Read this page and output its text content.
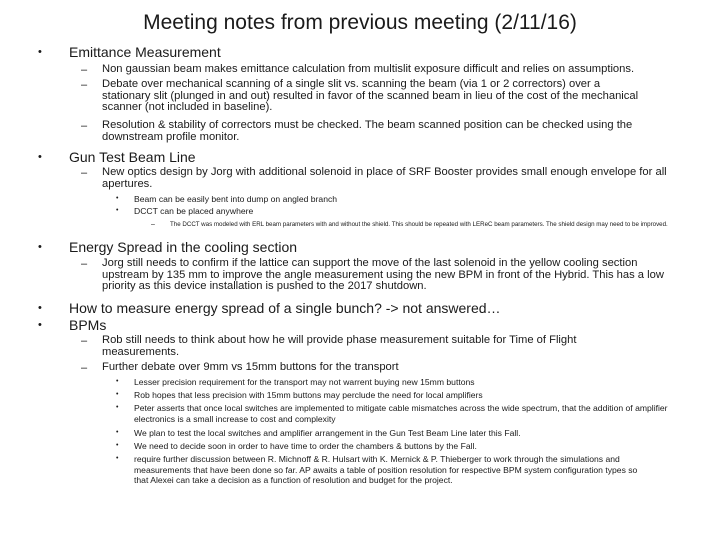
Meeting notes from previous meeting (2/11/16)
• Emittance Measurement
– Non gaussian beam makes emittance calculation from multislit exposure difficult and relies on assumptions.
– Debate over mechanical scanning of a single slit vs. scanning the beam (via 1 or 2 correctors) over a stationary slit (plunged in and out) resulted in favor of the scanned beam in lieu of the cost of the mechanical scanner (not included in baseline).
– Resolution & stability of correctors must be checked. The beam scanned position can be checked using the downstream profile monitor.
• Gun Test Beam Line
– New optics design by Jorg with additional solenoid in place of SRF Booster provides small enough envelope for all apertures.
• Beam can be easily bent into dump on angled branch
• DCCT can be placed anywhere
– The DCCT was modeled with ERL beam parameters with and without the shield. This should be repeated with LEReC beam parameters. The shield design may need to be improved.
• Energy Spread in the cooling section
– Jorg still needs to confirm if the lattice can support the move of the last solenoid in the yellow cooling section upstream by 135 mm to improve the angle measurement using the new BPM in front of the Hybrid. This has a low priority as this device installation is pushed to the 2017 shutdown.
• How to measure energy spread of a single bunch? -> not answered…
• BPMs
– Rob still needs to think about how he will provide phase measurement suitable for Time of Flight measurements.
– Further debate over 9mm vs 15mm buttons for the transport
• Lesser precision requirement for the transport may not warrent buying new 15mm buttons
• Rob hopes that less precision with 15mm buttons may perclude the need for local amplifiers
• Peter asserts that once local switches are implemented to mitigate cable mismatches across the wide spectrum, that the addition of amplifier electronics is a small increase to cost and complexity
• We plan to test the local switches and amplifier arrangement in the Gun Test Beam Line later this Fall.
• We need to decide soon in order to have time to order the chambers & buttons by the Fall.
• require further discussion between R. Michnoff & R. Hulsart with K. Mernick & P. Thieberger to work through the simulations and measurements that have been done so far. AP awaits a table of position resolution for respective BPM system configuration types so that Alexei can take a decision as a function of resolution and budget for the project.
